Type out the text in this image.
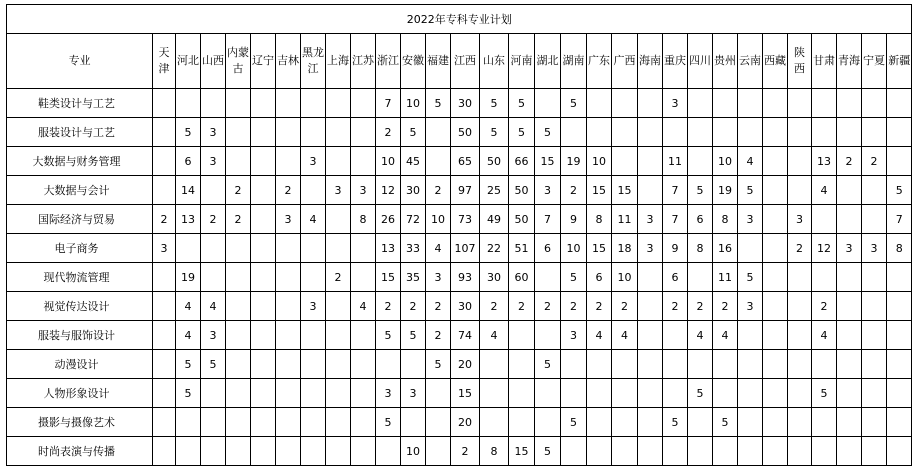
2022年专科专业计划																														
专业	天津	河北	山西	内蒙古	辽宁	吉林	黑龙江	上海	江苏	浙江	安徽	福建	江西	山东	河南	湖北	湖南	广东	广西	海南	重庆	四川	贵州	云南	西藏	陕西	甘肃	青海	宁夏	新疆

鞋类设计与工艺										7	10	5	30	5	5		5				3									

服装设计与工艺		5	3							2	5		50	5	5	5														

大数据与财务管理		6	3				3			10	45		65	50	66	15	19	10			11		10	4			13	2	2	

大数据与会计		14		2		2		3	3	12	30	2	97	25	50	3	2	15	15		7	5	19	5			4			5

国际经济与贸易	2	13	2	2		3	4		8	26	72	10	73	49	50	7	9	8	11	3	7	6	8	3		3				7

电子商务	3									13	33	4	107	22	51	6	10	15	18	3	9	8	16			2	12	3	3	8

现代物流管理		19						2		15	35	3	93	30	60		5	6	10		6		11	5						

视觉传达设计		4	4				3		4	2	2	2	30	2	2	2	2	2	2		2	2	2	3			2			

服装与服饰设计		4	3							5	5	2	74	4			3	4	4			4	4				4			

动漫设计		5	5									5	20			5														

人物形象设计		5								3	3		15									5					5			

摄影与摄像艺术										5			20				5				5		5							

时尚表演与传播											10		2	8	15	5														
